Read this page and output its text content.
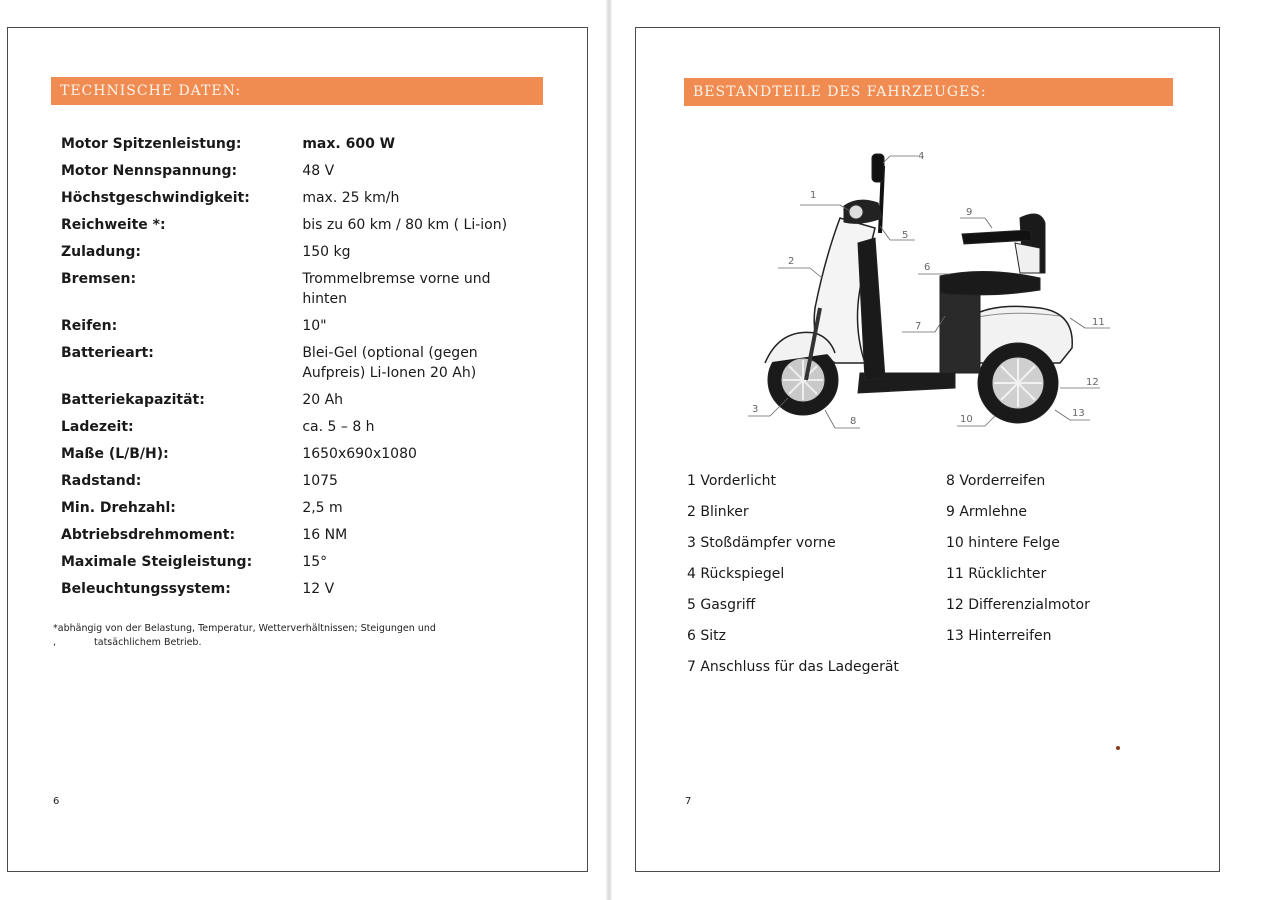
TECHNISCHE DATEN:
Motor Spitzenleistung:	max. 600 W
Motor Nennspannung:	48 V
Höchstgeschwindigkeit:	max. 25 km/h
Reichweite *:	bis zu 60 km / 80 km ( Li-ion)
Zuladung:	150 kg
Bremsen:	Trommelbremse vorne und hinten
Reifen:	10"
Batterieart:	Blei-Gel (optional (gegen Aufpreis) Li-Ionen 20 Ah)
Batteriekapazität:	20 Ah
Ladezeit:	ca. 5 – 8 h
Maße (L/B/H):	1650x690x1080
Radstand:	1075
Min. Drehzahl:	2,5 m
Abtriebsdrehmoment:	16 NM
Maximale Steigleistung:	15°
Beleuchtungssystem:	12 V
*abhängig von der Belastung, Temperatur, Wetterverhältnissen; Steigungen und
,	tatsächlichem Betrieb.
6
BESTANDTEILE DES FAHRZEUGES:
1
2
3
4
5
6
7
8
9
10
11
12
13
1 Vorderlicht
2 Blinker
3 Stoßdämpfer vorne
4 Rückspiegel
5 Gasgriff
6 Sitz
7 Anschluss für das Ladegerät
8 Vorderreifen
9 Armlehne
10 hintere Felge
11 Rücklichter
12 Differenzialmotor
13 Hinterreifen
7
